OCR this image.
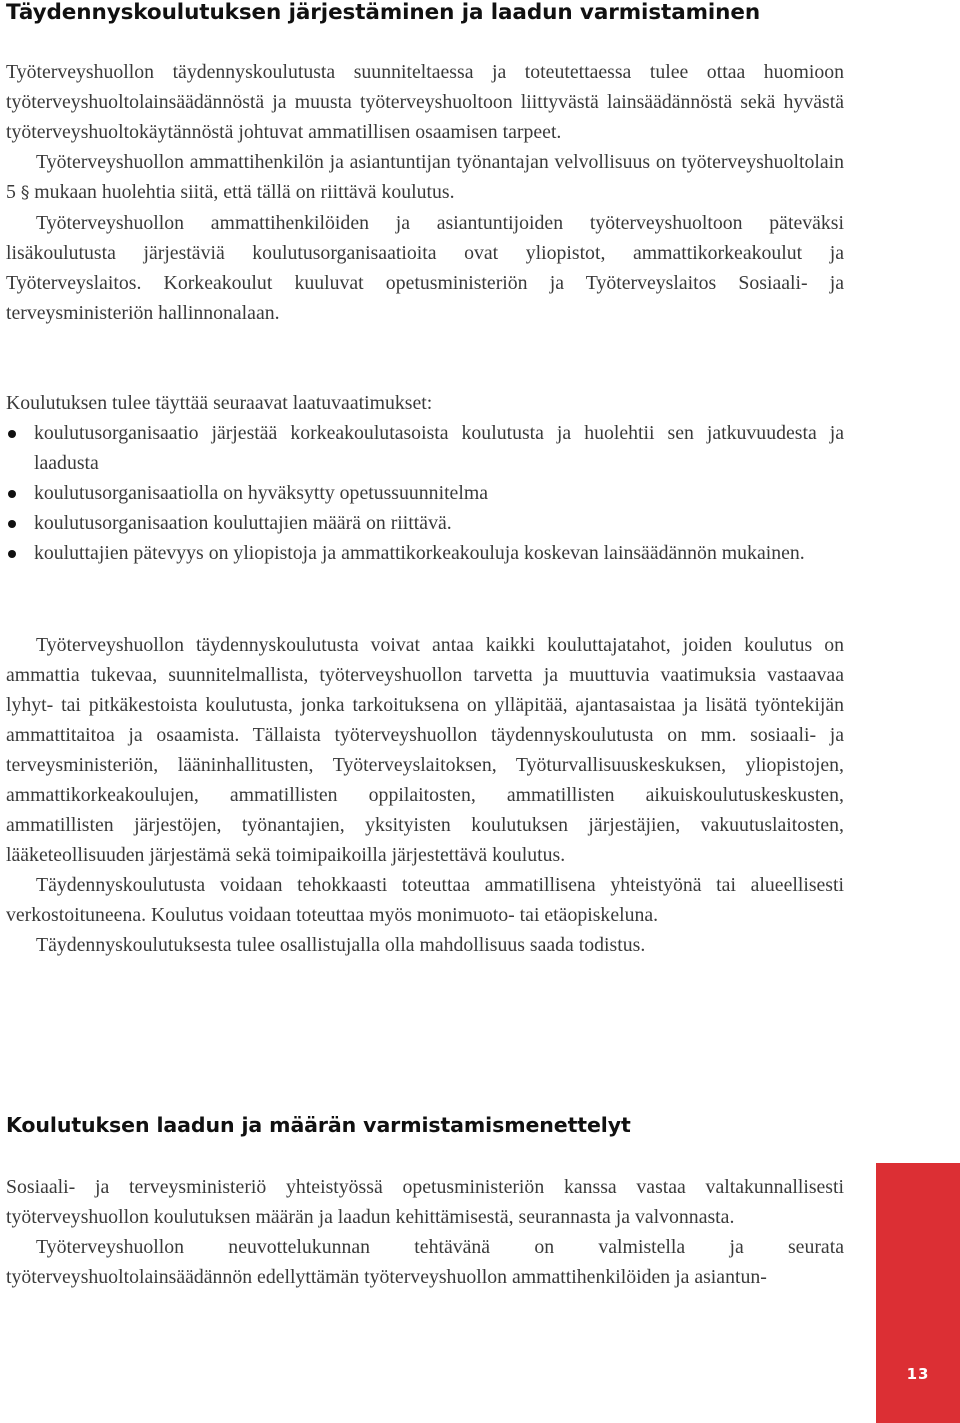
Täydennyskoulutuksen järjestäminen ja laadun varmistaminen

Työterveyshuollon täydennyskoulutusta suunniteltaessa ja toteutettaessa tulee ottaa huomioon työterveyshuoltolainsäädännöstä ja muusta työterveyshuoltoon liittyvästä lainsäädännöstä sekä hyvästä työterveyshuoltokäytännöstä johtuvat ammatillisen osaamisen tarpeet.

Työterveyshuollon ammattihenkilön ja asiantuntijan työnantajan velvollisuus on työterveyshuoltolain 5 § mukaan huolehtia siitä, että tällä on riittävä koulutus.

Työterveyshuollon ammattihenkilöiden ja asiantuntijoiden työterveyshuoltoon päteväksi lisäkoulutusta järjestäviä koulutusorganisaatioita ovat yliopistot, ammattikorkeakoulut ja Työterveyslaitos. Korkeakoulut kuuluvat opetusministeriön ja Työterveyslaitos Sosiaali- ja terveysministeriön hallinnonalaan.

Koulutuksen tulee täyttää seuraavat laatuvaatimukset:

koulutusorganisaatio järjestää korkeakoulutasoista koulutusta ja huolehtii sen jatkuvuudesta ja laadusta
koulutusorganisaatiolla on hyväksytty opetussuunnitelma
koulutusorganisaation kouluttajien määrä on riittävä.
kouluttajien pätevyys on yliopistoja ja ammattikorkeakouluja koskevan lainsäädännön mukainen.

Työterveyshuollon täydennyskoulutusta voivat antaa kaikki kouluttajatahot, joiden koulutus on ammattia tukevaa, suunnitelmallista, työterveyshuollon tarvetta ja muuttuvia vaatimuksia vastaavaa lyhyt- tai pitkäkestoista koulutusta, jonka tarkoituksena on ylläpitää, ajantasaistaa ja lisätä työntekijän ammattitaitoa ja osaamista. Tällaista työterveyshuollon täydennyskoulutusta on mm. sosiaali- ja terveysministeriön, lääninhallitusten, Työterveyslaitoksen, Työturvallisuuskeskuksen, yliopistojen, ammattikorkeakoulujen, ammatillisten oppilaitosten, ammatillisten aikuiskoulutuskeskusten, ammatillisten järjestöjen, työnantajien, yksityisten koulutuksen järjestäjien, vakuutuslaitosten, lääketeollisuuden järjestämä sekä toimipaikoilla järjestettävä koulutus.

Täydennyskoulutusta voidaan tehokkaasti toteuttaa ammatillisena yhteistyönä tai alueellisesti verkostoituneena. Koulutus voidaan toteuttaa myös monimuoto- tai etäopiskeluna.

Täydennyskoulutuksesta tulee osallistujalla olla mahdollisuus saada todistus.

Koulutuksen laadun ja määrän varmistamismenettelyt

Sosiaali- ja terveysministeriö yhteistyössä opetusministeriön kanssa vastaa valtakunnallisesti työterveyshuollon koulutuksen määrän ja laadun kehittämisestä, seurannasta ja valvonnasta.

Työterveyshuollon neuvottelukunnan tehtävänä on valmistella ja seurata työterveyshuoltolainsäädännön edellyttämän työterveyshuollon ammattihenkilöiden ja asiantun-

13
